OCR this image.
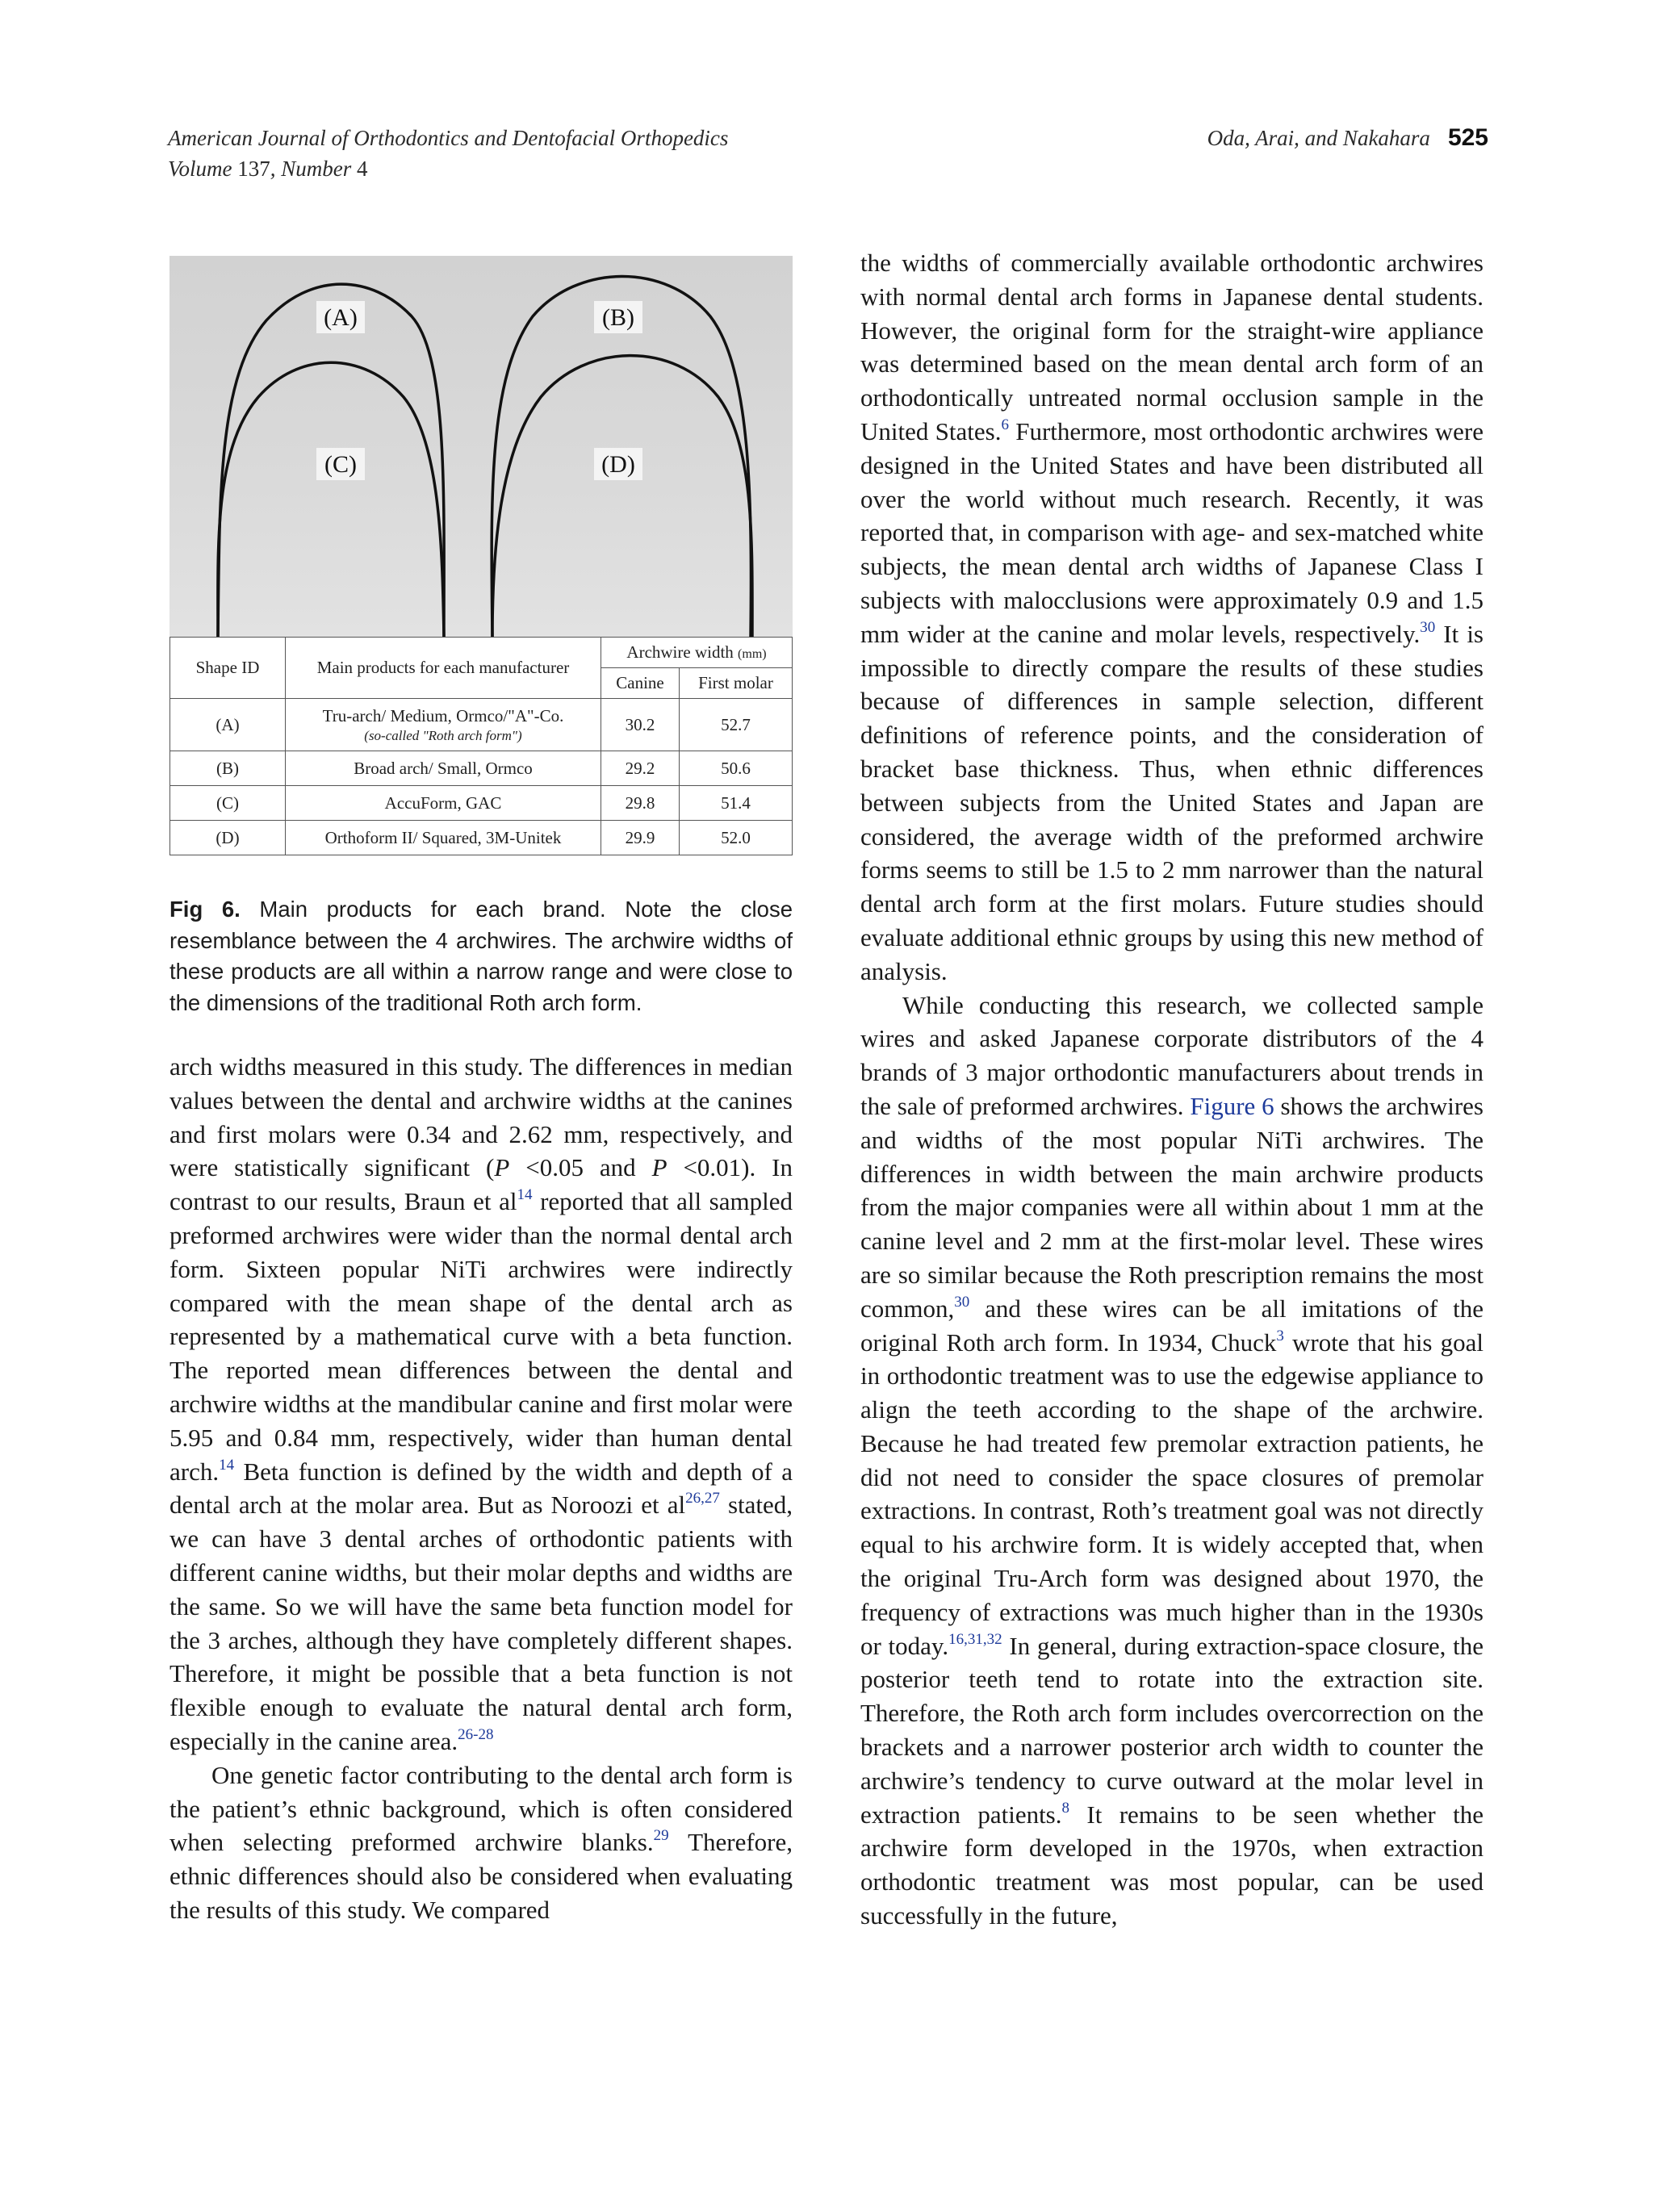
American Journal of Orthodontics and Dentofacial Orthopedics
Volume 137, Number 4
Oda, Arai, and Nakahara 525
(A)	(B)
(C)	(D)
Shape ID	Main products for each manufacturer	Archwire width (mm)	
		Canine	First molar
(A)	Tru-arch/ Medium, Ormco/"A"-Co.
(so-called "Roth arch form")	30.2	52.7
(B)	Broad arch/ Small, Ormco	29.2	50.6
(C)	AccuForm, GAC	29.8	51.4
(D)	Orthoform II/ Squared, 3M-Unitek	29.9	52.0
Fig 6. Main products for each brand. Note the close resemblance between the 4 archwires. The archwire widths of these products are all within a narrow range and were close to the dimensions of the traditional Roth arch form.

arch widths measured in this study. The differences in median values between the dental and archwire widths at the canines and first molars were 0.34 and 2.62 mm, respectively, and were statistically significant (P <0.05 and P <0.01). In contrast to our results, Braun et $al^{14}$ reported that all sampled preformed archwires were wider than the normal dental arch form. Sixteen popular NiTi archwires were indirectly compared with the mean shape of the dental arch as represented by a mathematical curve with a beta function. The reported mean differences between the dental and archwire widths at the mandibular canine and first molar were 5.95 and 0.84 mm, respectively, wider than human dental arch.$^{14}$ Beta function is defined by the width and depth of a dental arch at the molar area. But as Noroozi et al$^{26,27}$ stated, we can have 3 dental arches of orthodontic patients with different canine widths, but their molar depths and widths are the same. So we will have the same beta function model for the 3 arches, although they have completely different shapes. Therefore, it might be possible that a beta function is not flexible enough to evaluate the natural dental arch form, especially in the canine area.$^{26-28}$

One genetic factor contributing to the dental arch form is the patient’s ethnic background, which is often considered when selecting preformed archwire blanks.$^{29}$ Therefore, ethnic differences should also be considered when evaluating the results of this study. We compared

the widths of commercially available orthodontic archwires with normal dental arch forms in Japanese dental students. However, the original form for the straight-wire appliance was determined based on the mean dental arch form of an orthodontically untreated normal occlusion sample in the United States.$^6$ Furthermore, most orthodontic archwires were designed in the United States and have been distributed all over the world without much research. Recently, it was reported that, in comparison with age- and sex-matched white subjects, the mean dental arch widths of Japanese Class I subjects with malocclusions were approximately 0.9 and 1.5 mm wider at the canine and molar levels, respectively.$^{30}$ It is impossible to directly compare the results of these studies because of differences in sample selection, different definitions of reference points, and the consideration of bracket base thickness. Thus, when ethnic differences between subjects from the United States and Japan are considered, the average width of the preformed archwire forms seems to still be 1.5 to 2 mm narrower than the natural dental arch form at the first molars. Future studies should evaluate additional ethnic groups by using this new method of analysis.

While conducting this research, we collected sample wires and asked Japanese corporate distributors of the 4 brands of 3 major orthodontic manufacturers about trends in the sale of preformed archwires. Figure 6 shows the archwires and widths of the most popular NiTi archwires. The differences in width between the main archwire products from the major companies were all within about 1 mm at the canine level and 2 mm at the first-molar level. These wires are so similar because the Roth prescription remains the most common,$^{30}$ and these wires can be all imitations of the original Roth arch form. In 1934, Chuck$^3$ wrote that his goal in orthodontic treatment was to use the edgewise appliance to align the teeth according to the shape of the archwire. Because he had treated few premolar extraction patients, he did not need to consider the space closures of premolar extractions. In contrast, Roth’s treatment goal was not directly equal to his archwire form. It is widely accepted that, when the original Tru-Arch form was designed about 1970, the frequency of extractions was much higher than in the 1930s or today.$^{16,31,32}$ In general, during extraction-space closure, the posterior teeth tend to rotate into the extraction site. Therefore, the Roth arch form includes overcorrection on the brackets and a narrower posterior arch width to counter the archwire’s tendency to curve outward at the molar level in extraction patients.$^8$ It remains to be seen whether the archwire form developed in the 1970s, when extraction orthodontic treatment was most popular, can be used successfully in the future,
